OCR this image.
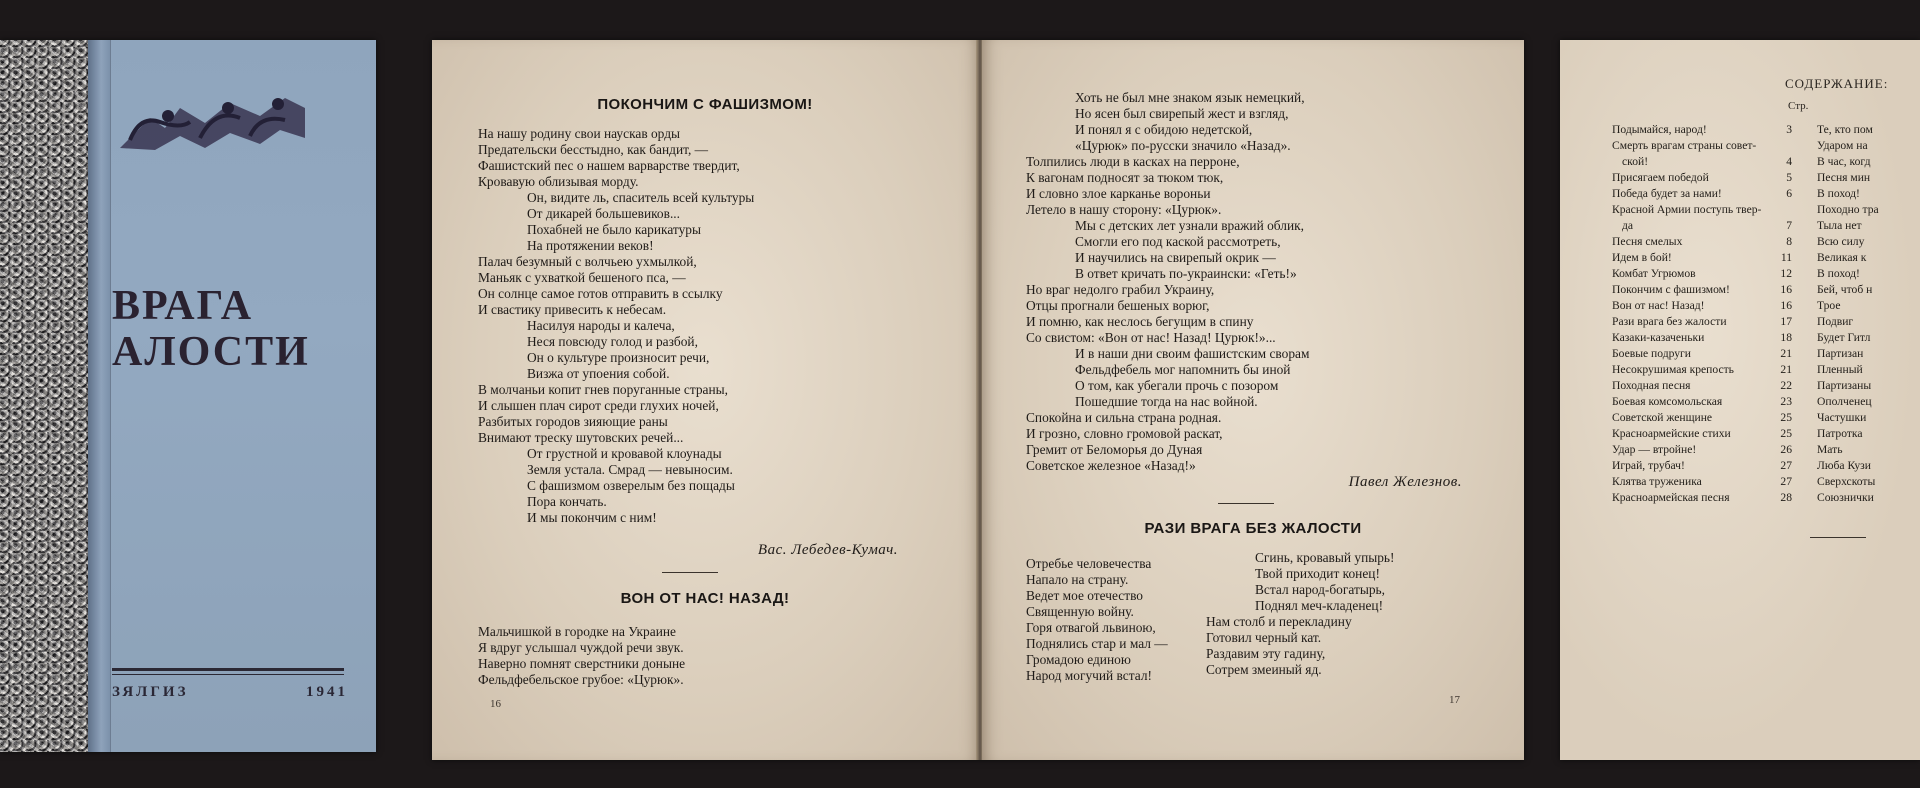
ВРАГА
АЛОСТИ
ЗЯЛГИЗ	1941
ПОКОНЧИМ С ФАШИЗМОМ!
На нашу родину свои наускав орды
Предательски бесстыдно, как бандит, —
Фашистский пес о нашем варварстве твердит,
Кровавую облизывая морду.
Он, видите ль, спаситель всей культуры
От дикарей большевиков...
Похабней не было карикатуры
На протяжении веков!
Палач безумный с волчьею ухмылкой,
Маньяк с ухваткой бешеного пса, —
Он солнце самое готов отправить в ссылку
И свастику привесить к небесам.
Насилуя народы и калеча,
Неся повсюду голод и разбой,
Он о культуре произносит речи,
Визжа от упоения собой.
В молчаньи копит гнев поруганные страны,
И слышен плач сирот среди глухих ночей,
Разбитых городов зияющие раны
Внимают треску шутовских речей...
От грустной и кровавой клоунады
Земля устала. Смрад — невыносим.
С фашизмом озверелым без пощады
Пора кончать.
И мы покончим с ним!
Вас. Лебедев-Кумач.
ВОН ОТ НАС! НАЗАД!
Мальчишкой в городке на Украине
Я вдруг услышал чуждой речи звук.
Наверно помнят сверстники доныне
Фельдфебельское грубое: «Цурюк».
16
Хоть не был мне знаком язык немецкий,
Но ясен был свирепый жест и взгляд,
И понял я с обидою недетской,
«Цурюк» по-русски значило «Назад».
Толпились люди в касках на перроне,
К вагонам подносят за тюком тюк,
И словно злое карканье вороньи
Летело в нашу сторону: «Цурюк».
Мы с детских лет узнали вражий облик,
Смогли его под каской рассмотреть,
И научились на свирепый окрик —
В ответ кричать по-украински: «Геть!»
Но враг недолго грабил Украину,
Отцы прогнали бешеных ворюг,
И помню, как неслось бегущим в спину
Со свистом: «Вон от нас! Назад! Цурюк!»...
И в наши дни своим фашистским сворам
Фельдфебель мог напомнить бы иной
О том, как убегали прочь с позором
Пошедшие тогда на нас войной.
Спокойна и сильна страна родная.
И грозно, словно громовой раскат,
Гремит от Беломорья до Дуная
Советское железное «Назад!»
Павел Железнов.
РАЗИ ВРАГА БЕЗ ЖАЛОСТИ
Отребье человечества
Напало на страну.
Ведет мое отечество
Священную войну.
Горя отвагой львиною,
Поднялись стар и мал —
Громадою единою
Народ могучий встал!
Сгинь, кровавый упырь!
Твой приходит конец!
Встал народ-богатырь,
Поднял меч-кладенец!
Нам столб и перекладину
Готовил черный кат.
Раздавим эту гадину,
Сотрем змеиный яд.
17
СОДЕРЖАНИЕ:
Стр.
Подымайся, народ!	3
Смерть врагам страны совет-
ской!	4
Присягаем победой	5
Победа будет за нами!	6
Красной Армии поступь твер-
да	7
Песня смелых	8
Идем в бой!	11
Комбат Угрюмов	12
Покончим с фашизмом!	16
Вон от нас! Назад!	16
Рази врага без жалости	17
Казаки-казаченьки	18
Боевые подруги	21
Несокрушимая крепость	21
Походная песня	22
Боевая комсомольская	23
Советской женщине	25
Красноармейские стихи	25
Удар — втройне!	26
Играй, трубач!	27
Клятва труженика	27
Красноармейская песня	28
Те, кто пом
Ударом на
В час, когд
Песня мин
В поход!
Походно тра
Тыла нет
Всю силу
Великая к
В поход!
Бей, чтоб н
Трое
Подвиг
Будет Гитл
Партизан
Пленный
Партизаны
Ополченец
Частушки
Патротка
Мать
Люба Кузи
Сверхскоты
Союзнички
